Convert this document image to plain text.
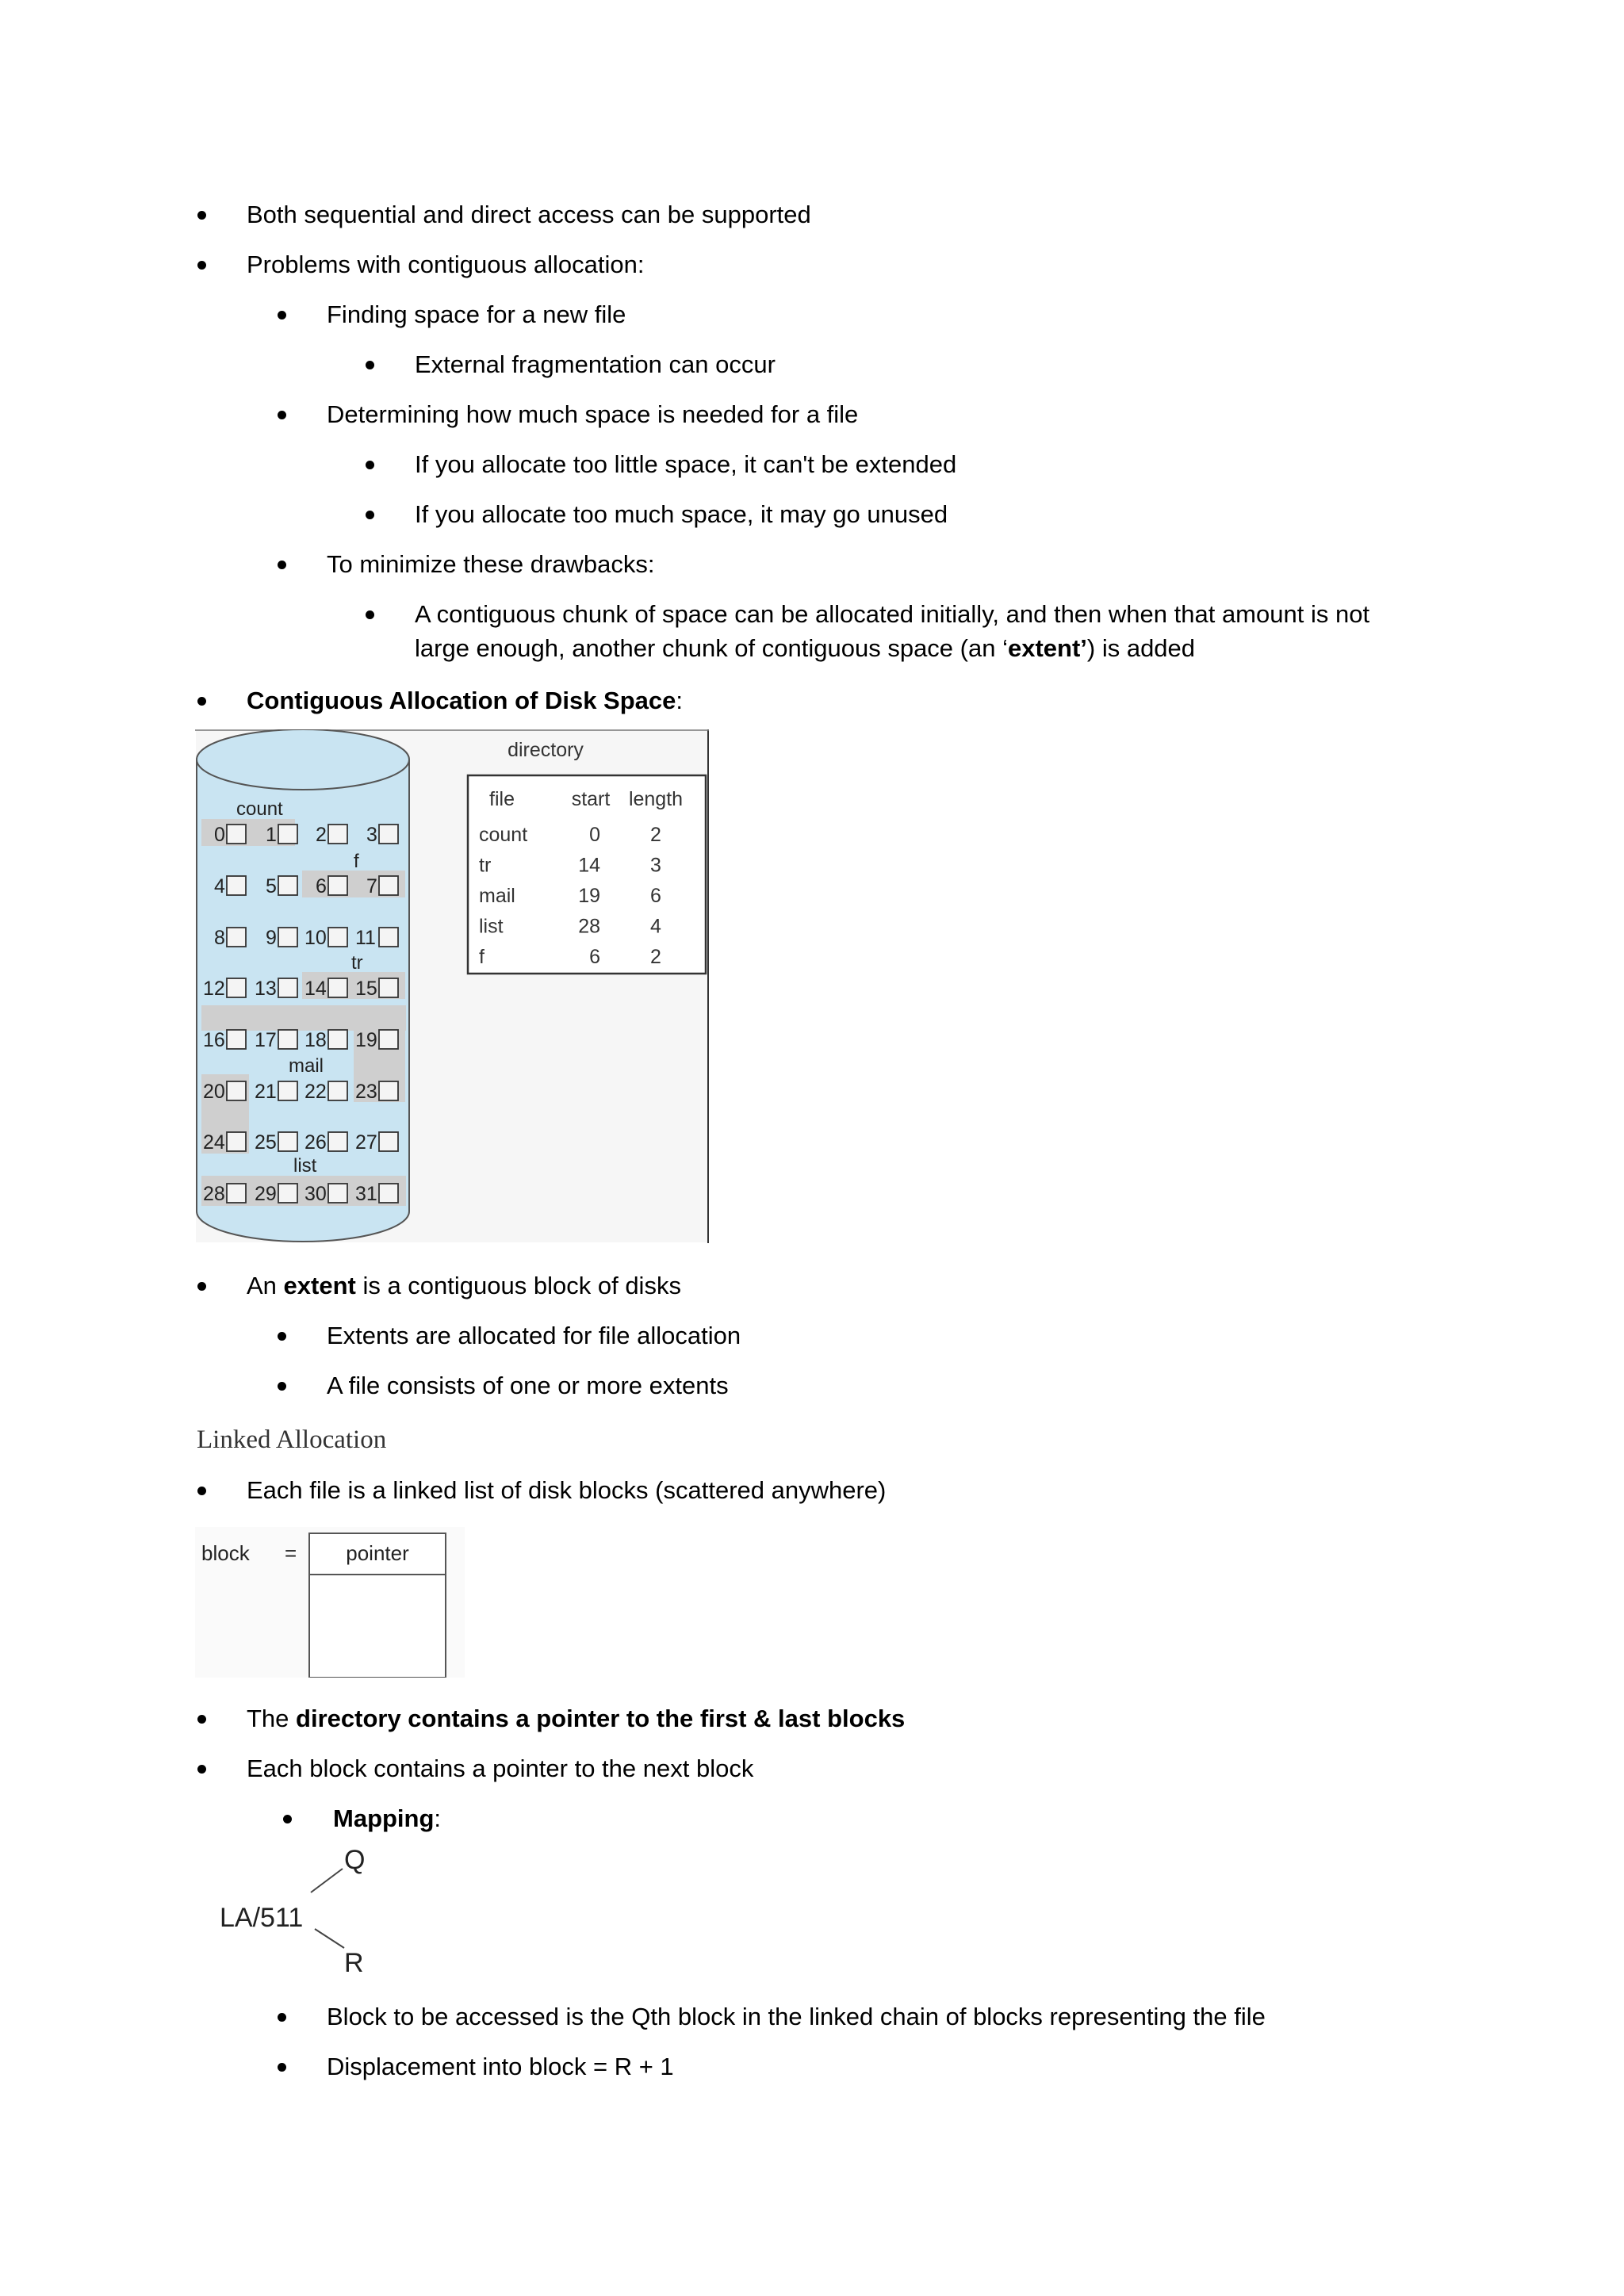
Both sequential and direct access can be supported
Problems with contiguous allocation:
Finding space for a new file
External fragmentation can occur
Determining how much space is needed for a file
If you allocate too little space, it can't be extended
If you allocate too much space, it may go unused
To minimize these drawbacks:
A contiguous chunk of space can be allocated initially, and then when that amount is not
large enough, another chunk of contiguous space (an ‘extent’) is added
Contiguous Allocation of Disk Space:
0 1 2 3
4 5 6 7
8 9 10 11
12 13 14 15
16 17 18 19
20 21 22 23
24 25 26 27
28 29 30 31
count
f
tr
mail
list
directory
file	start length
count	0	2
tr	14	3
mail	19	6
list	28	4
f	6	2
An extent is a contiguous block of disks
Extents are allocated for file allocation
A file consists of one or more extents
Linked Allocation
Each file is a linked list of disk blocks (scattered anywhere)
block = pointer
The directory contains a pointer to the first & last blocks
Each block contains a pointer to the next block
Mapping:
Q
LA/511
R
Block to be accessed is the Qth block in the linked chain of blocks representing the file
Displacement into block = R + 1
